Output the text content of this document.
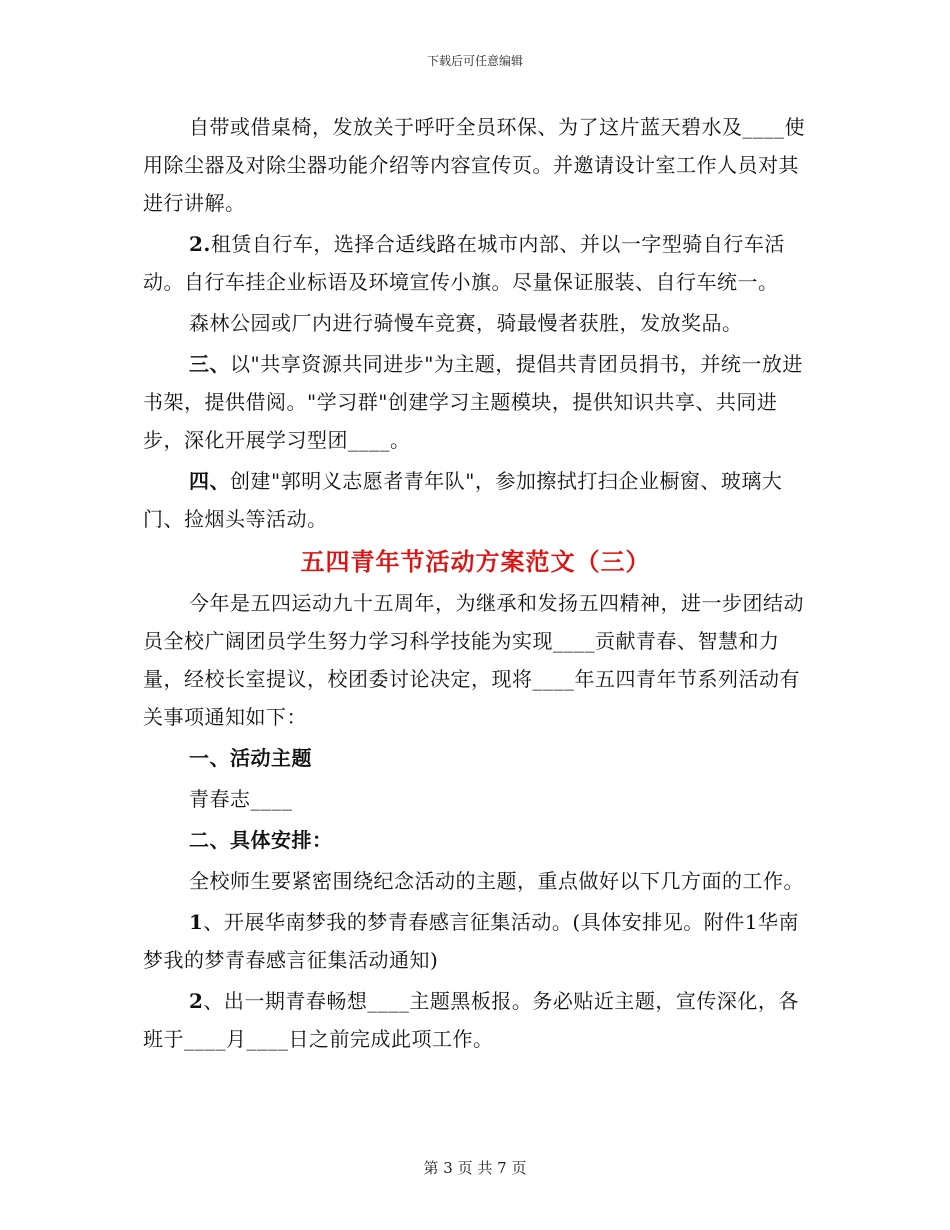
下载后可任意编辑

自带或借桌椅，发放关于呼吁全员环保、为了这片蓝天碧水及____使用除尘器及对除尘器功能介绍等内容宣传页。并邀请设计室工作人员对其进行讲解。

2.租赁自行车，选择合适线路在城市内部、并以一字型骑自行车活动。自行车挂企业标语及环境宣传小旗。尽量保证服装、自行车统一。

森林公园或厂内进行骑慢车竞赛，骑最慢者获胜，发放奖品。

三、以"共享资源共同进步"为主题，提倡共青团员捐书，并统一放进书架，提供借阅。"学习群"创建学习主题模块，提供知识共享、共同进步，深化开展学习型团____。

四、创建"郭明义志愿者青年队"，参加擦拭打扫企业橱窗、玻璃大门、捡烟头等活动。

五四青年节活动方案范文（三）

今年是五四运动九十五周年，为继承和发扬五四精神，进一步团结动员全校广阔团员学生努力学习科学技能为实现____贡献青春、智慧和力量，经校长室提议，校团委讨论决定，现将____年五四青年节系列活动有关事项通知如下：

一、活动主题

青春志____

二、具体安排：

全校师生要紧密围绕纪念活动的主题，重点做好以下几方面的工作。

1、开展华南梦我的梦青春感言征集活动。(具体安排见。附件1华南梦我的梦青春感言征集活动通知)

2、出一期青春畅想____主题黑板报。务必贴近主题，宣传深化，各班于____月____日之前完成此项工作。

第 3 页 共 7 页
